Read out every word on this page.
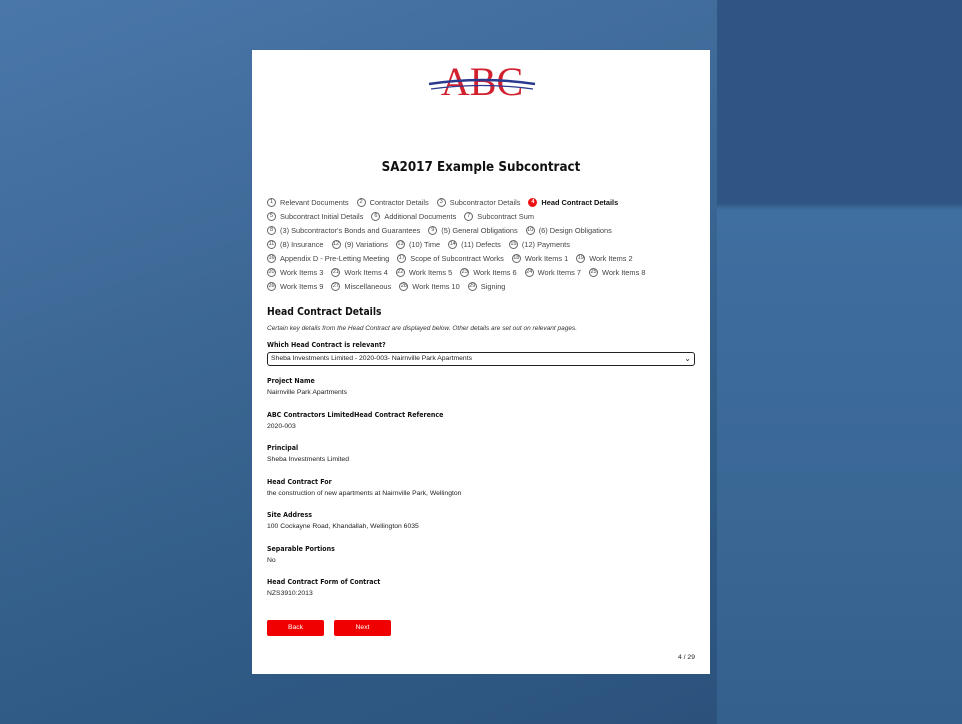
ABC
SA2017 Example Subcontract
1 Relevant Documents	2 Contractor Details	3 Subcontractor Details	4 Head Contract Details
5 Subcontract Initial Details	6 Additional Documents	7 Subcontract Sum
8 (3) Subcontractor's Bonds and Guarantees	9 (5) General Obligations 10 (6) Design Obligations
11 (8) Insurance 12 (9) Variations 13 (10) Time 14 (11) Defects 15 (12) Payments
16 Appendix D - Pre-Letting Meeting 17 Scope of Subcontract Works 18 Work Items 1 19 Work Items 2
20 Work Items 3 21 Work Items 4 22 Work Items 5 23 Work Items 6 24 Work Items 7 25 Work Items 8
26 Work Items 9 27 Miscellaneous 28 Work Items 10 29 Signing
Head Contract Details
Certain key details from the Head Contract are displayed below. Other details are set out on relevant pages.
Which Head Contract is relevant?
Sheba Investments Limited - 2020-003- Nairnville Park Apartments	⌄
Project Name
Nairnville Park Apartments
ABC Contractors LimitedHead Contract Reference
2020-003
Principal
Sheba Investments Limited
Head Contract For
the construction of new apartments at Nairnville Park, Wellington
Site Address
100 Cockayne Road, Khandallah, Wellington 6035
Separable Portions
No
Head Contract Form of Contract
NZS3910:2013
Back	Next
4 / 29
